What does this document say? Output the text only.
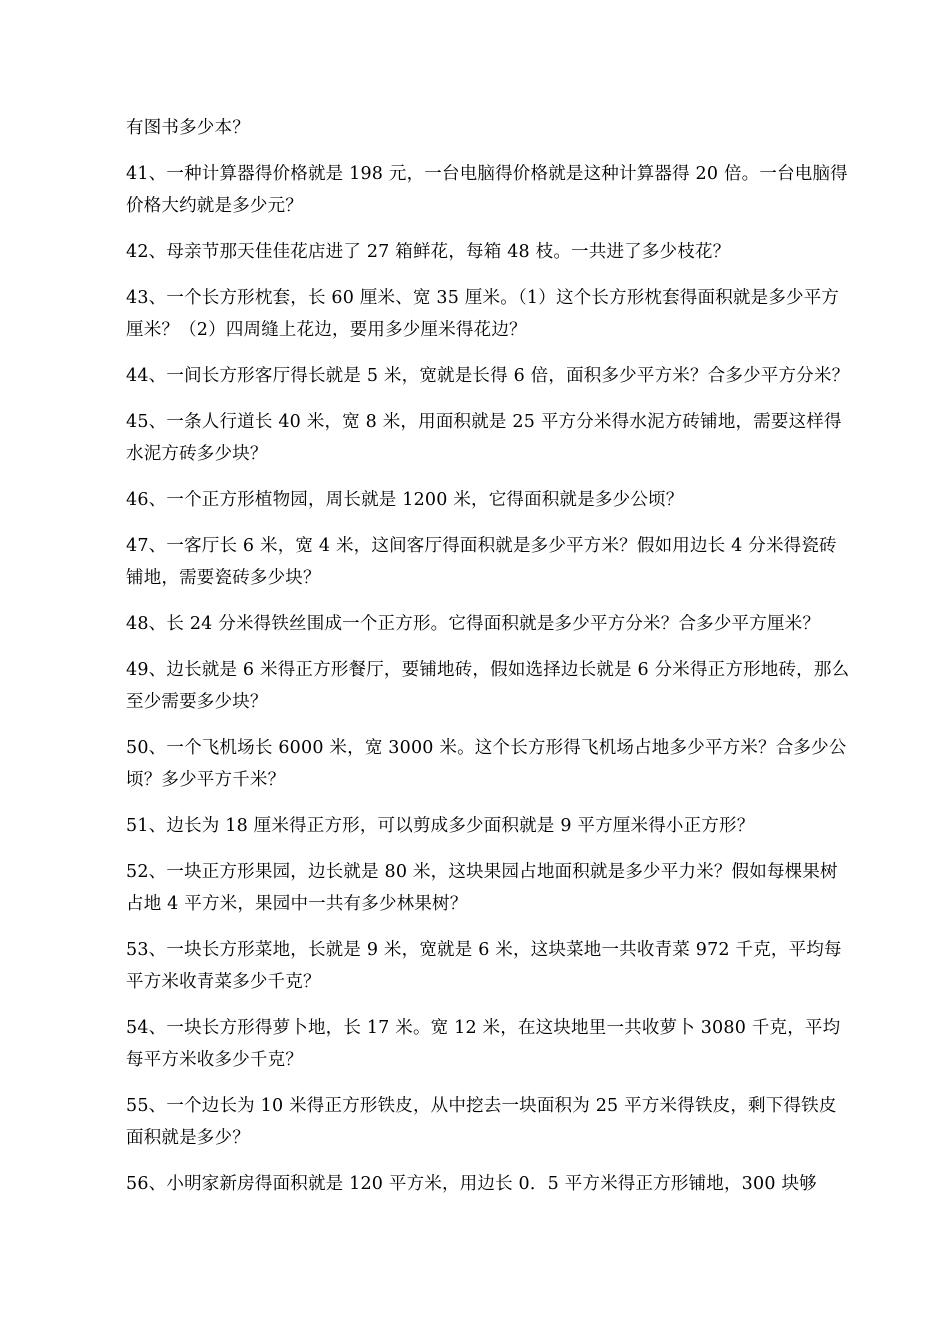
有图书多少本？

41、一种计算器得价格就是 198 元，一台电脑得价格就是这种计算器得 20 倍。一台电脑得价格大约就是多少元？

42、母亲节那天佳佳花店进了 27 箱鲜花，每箱 48 枝。一共进了多少枝花？

43、一个长方形枕套，长 60 厘米、宽 35 厘米。（1）这个长方形枕套得面积就是多少平方厘米？（2）四周缝上花边，要用多少厘米得花边？

44、一间长方形客厅得长就是 5 米，宽就是长得 6 倍，面积多少平方米？合多少平方分米？

45、一条人行道长 40 米，宽 8 米，用面积就是 25 平方分米得水泥方砖铺地，需要这样得水泥方砖多少块？

46、一个正方形植物园，周长就是 1200 米，它得面积就是多少公顷？

47、一客厅长 6 米，宽 4 米，这间客厅得面积就是多少平方米？假如用边长 4 分米得瓷砖铺地，需要瓷砖多少块？

48、长 24 分米得铁丝围成一个正方形。它得面积就是多少平方分米？合多少平方厘米？

49、边长就是 6 米得正方形餐厅，要铺地砖，假如选择边长就是 6 分米得正方形地砖，那么至少需要多少块？

50、一个飞机场长 6000 米，宽 3000 米。这个长方形得飞机场占地多少平方米？合多少公顷？多少平方千米？

51、边长为 18 厘米得正方形，可以剪成多少面积就是 9 平方厘米得小正方形？

52、一块正方形果园，边长就是 80 米，这块果园占地面积就是多少平力米？假如每棵果树占地 4 平方米，果园中一共有多少林果树？

53、一块长方形菜地，长就是 9 米，宽就是 6 米，这块菜地一共收青菜 972 千克，平均每平方米收青菜多少千克？

54、一块长方形得萝卜地，长 17 米。宽 12 米，在这块地里一共收萝卜 3080 千克，平均每平方米收多少千克？

55、一个边长为 10 米得正方形铁皮，从中挖去一块面积为 25 平方米得铁皮，剩下得铁皮面积就是多少？

56、小明家新房得面积就是 120 平方米，用边长 0．5 平方米得正方形铺地，300 块够
